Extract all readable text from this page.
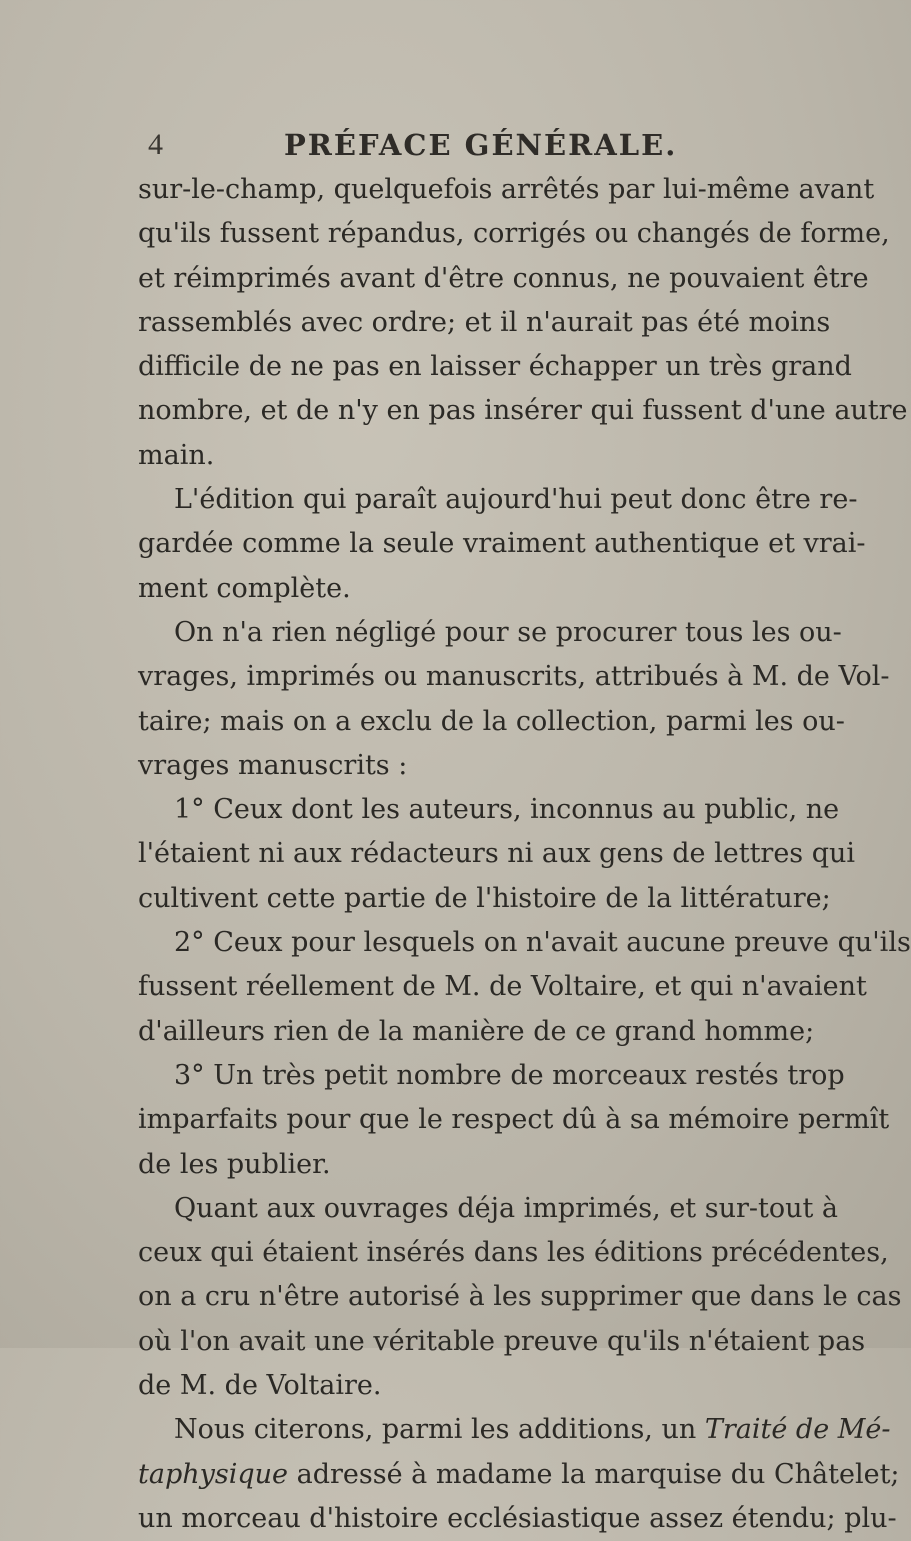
4	PRÉFACE GÉNÉRALE.
sur-le-champ, quelquefois arrêtés par lui-même avant
qu'ils fussent répandus, corrigés ou changés de forme,
et réimprimés avant d'être connus, ne pouvaient être
rassemblés avec ordre; et il n'aurait pas été moins
difficile de ne pas en laisser échapper un très grand
nombre, et de n'y en pas insérer qui fussent d'une autre
main.
L'édition qui paraît aujourd'hui peut donc être re-
gardée comme la seule vraiment authentique et vrai-
ment complète.
On n'a rien négligé pour se procurer tous les ou-
vrages, imprimés ou manuscrits, attribués à M. de Vol-
taire; mais on a exclu de la collection, parmi les ou-
vrages manuscrits :
1° Ceux dont les auteurs, inconnus au public, ne
l'étaient ni aux rédacteurs ni aux gens de lettres qui
cultivent cette partie de l'histoire de la littérature;
2° Ceux pour lesquels on n'avait aucune preuve qu'ils
fussent réellement de M. de Voltaire, et qui n'avaient
d'ailleurs rien de la manière de ce grand homme;
3° Un très petit nombre de morceaux restés trop
imparfaits pour que le respect dû à sa mémoire permît
de les publier.
Quant aux ouvrages déja imprimés, et sur-tout à
ceux qui étaient insérés dans les éditions précédentes,
on a cru n'être autorisé à les supprimer que dans le cas
où l'on avait une véritable preuve qu'ils n'étaient pas
de M. de Voltaire.
Nous citerons, parmi les additions, un Traité de Mé-
taphysique adressé à madame la marquise du Châtelet;
un morceau d'histoire ecclésiastique assez étendu; plu-
